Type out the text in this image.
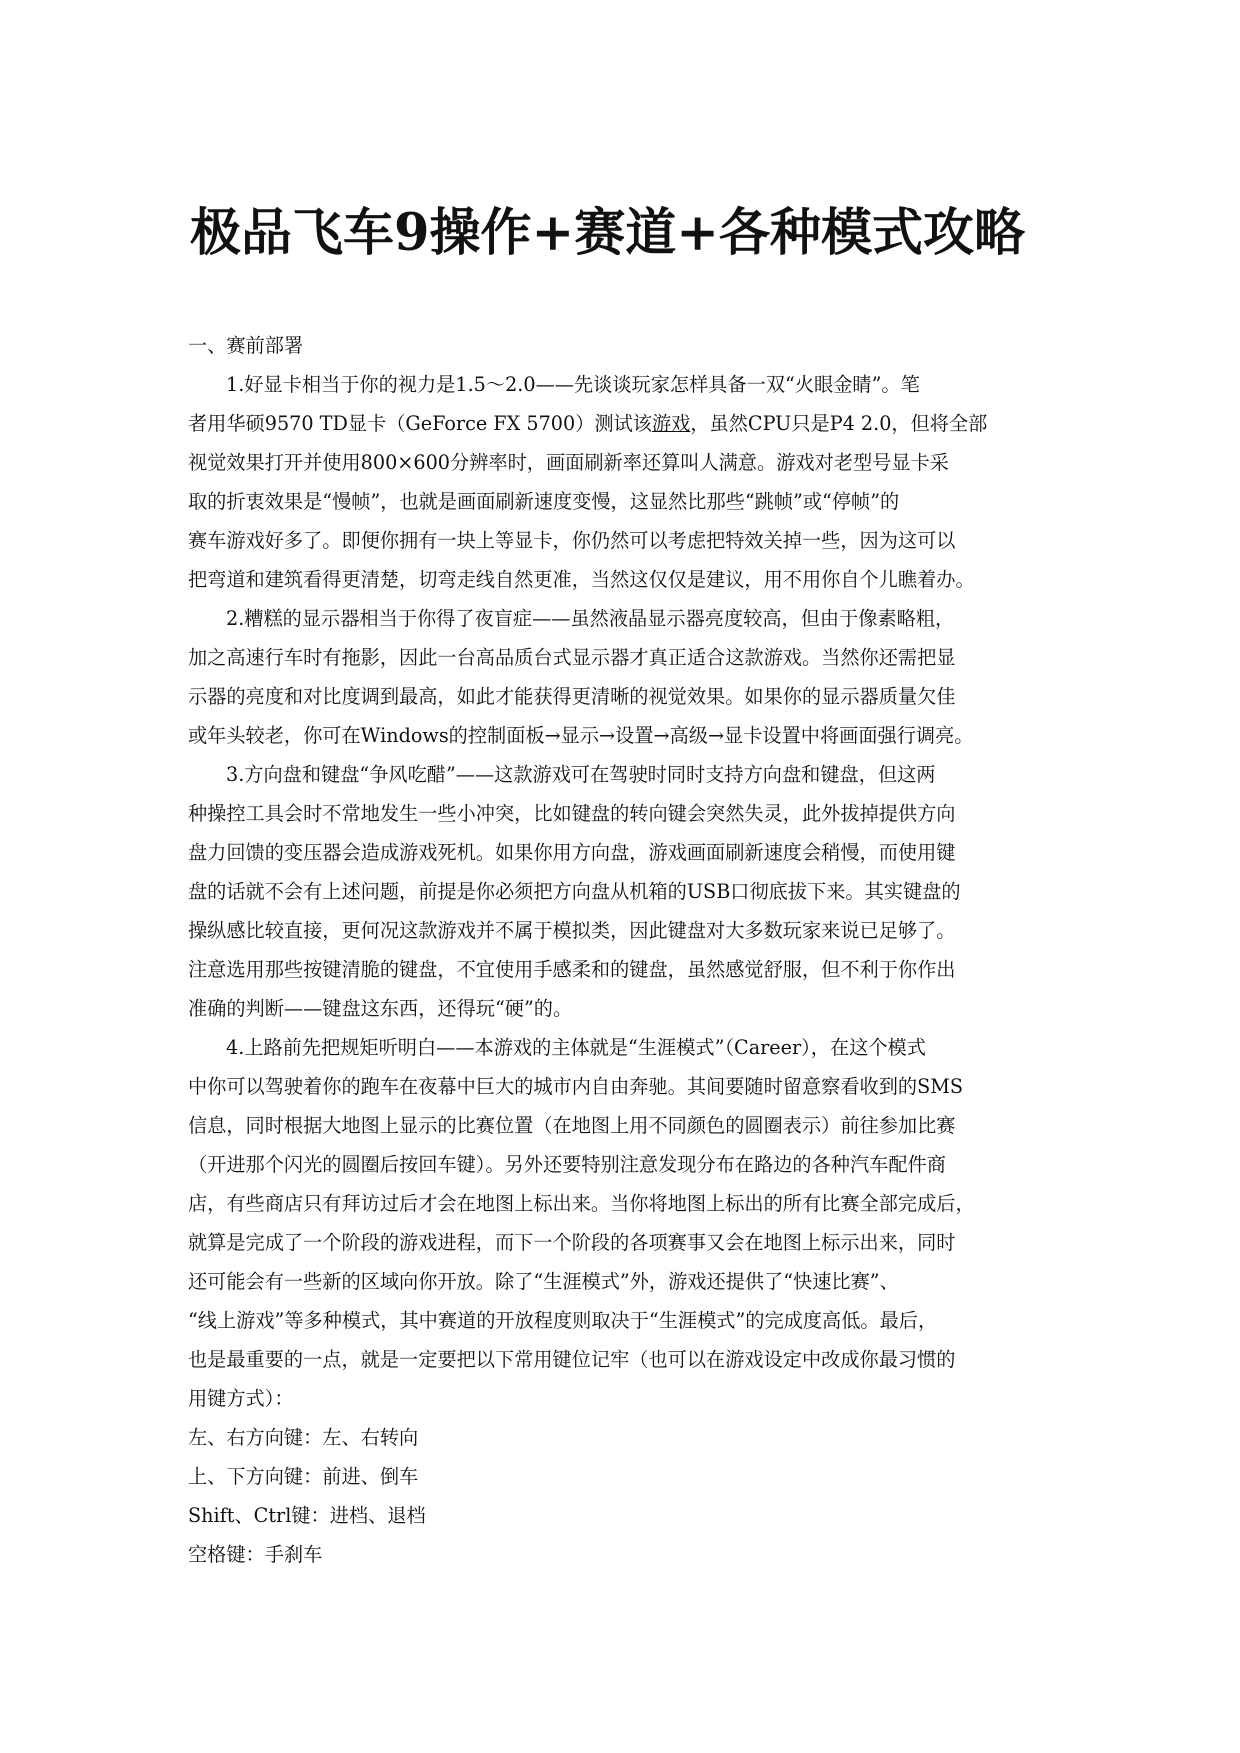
极品飞车9操作+赛道+各种模式攻略
一、赛前部署
1.好显卡相当于你的视力是1.5～2.0——先谈谈玩家怎样具备一双“火眼金睛”。笔
者用华硕9570 TD显卡（GeForce FX 5700）测试该游戏，虽然CPU只是P4 2.0，但将全部
视觉效果打开并使用800×600分辨率时，画面刷新率还算叫人满意。游戏对老型号显卡采
取的折衷效果是“慢帧”，也就是画面刷新速度变慢，这显然比那些“跳帧”或“停帧”的
赛车游戏好多了。即便你拥有一块上等显卡，你仍然可以考虑把特效关掉一些，因为这可以
把弯道和建筑看得更清楚，切弯走线自然更准，当然这仅仅是建议，用不用你自个儿瞧着办。
2.糟糕的显示器相当于你得了夜盲症——虽然液晶显示器亮度较高，但由于像素略粗，
加之高速行车时有拖影，因此一台高品质台式显示器才真正适合这款游戏。当然你还需把显
示器的亮度和对比度调到最高，如此才能获得更清晰的视觉效果。如果你的显示器质量欠佳
或年头较老，你可在Windows的控制面板→显示→设置→高级→显卡设置中将画面强行调亮。
3.方向盘和键盘“争风吃醋”——这款游戏可在驾驶时同时支持方向盘和键盘，但这两
种操控工具会时不常地发生一些小冲突，比如键盘的转向键会突然失灵，此外拔掉提供方向
盘力回馈的变压器会造成游戏死机。如果你用方向盘，游戏画面刷新速度会稍慢，而使用键
盘的话就不会有上述问题，前提是你必须把方向盘从机箱的USB口彻底拔下来。其实键盘的
操纵感比较直接，更何况这款游戏并不属于模拟类，因此键盘对大多数玩家来说已足够了。
注意选用那些按键清脆的键盘，不宜使用手感柔和的键盘，虽然感觉舒服，但不利于你作出
准确的判断——键盘这东西，还得玩“硬”的。
4.上路前先把规矩听明白——本游戏的主体就是“生涯模式”（Career），在这个模式
中你可以驾驶着你的跑车在夜幕中巨大的城市内自由奔驰。其间要随时留意察看收到的SMS
信息，同时根据大地图上显示的比赛位置（在地图上用不同颜色的圆圈表示）前往参加比赛
（开进那个闪光的圆圈后按回车键）。另外还要特别注意发现分布在路边的各种汽车配件商
店，有些商店只有拜访过后才会在地图上标出来。当你将地图上标出的所有比赛全部完成后，
就算是完成了一个阶段的游戏进程，而下一个阶段的各项赛事又会在地图上标示出来，同时
还可能会有一些新的区域向你开放。除了“生涯模式”外，游戏还提供了“快速比赛”、
“线上游戏”等多种模式，其中赛道的开放程度则取决于“生涯模式”的完成度高低。最后，
也是最重要的一点，就是一定要把以下常用键位记牢（也可以在游戏设定中改成你最习惯的
用键方式）：
左、右方向键：左、右转向
上、下方向键：前进、倒车
Shift、Ctrl键：进档、退档
空格键：手刹车
